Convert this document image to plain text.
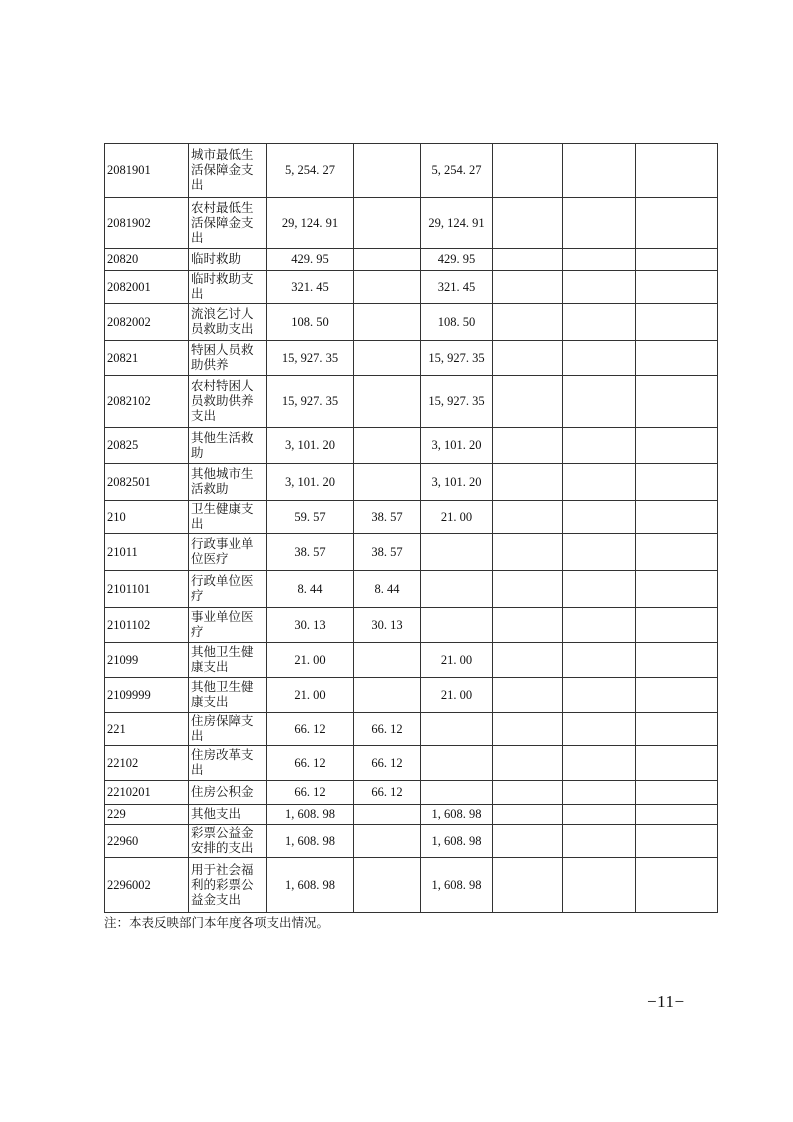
2081901	城市最低生活保障金支出	5, 254. 27		5, 254. 27			
2081902	农村最低生活保障金支出	29, 124. 91		29, 124. 91			
20820	临时救助	429. 95		429. 95			
2082001	临时救助支出	321. 45		321. 45			
2082002	流浪乞讨人员救助支出	108. 50		108. 50			
20821	特困人员救助供养	15, 927. 35		15, 927. 35			
2082102	农村特困人员救助供养支出	15, 927. 35		15, 927. 35			
20825	其他生活救助	3, 101. 20		3, 101. 20			
2082501	其他城市生活救助	3, 101. 20		3, 101. 20			
210	卫生健康支出	59. 57	38. 57	21. 00			
21011	行政事业单位医疗	38. 57	38. 57				
2101101	行政单位医疗	8. 44	8. 44				
2101102	事业单位医疗	30. 13	30. 13				
21099	其他卫生健康支出	21. 00		21. 00			
2109999	其他卫生健康支出	21. 00		21. 00			
221	住房保障支出	66. 12	66. 12				
22102	住房改革支出	66. 12	66. 12				
2210201	住房公积金	66. 12	66. 12				
229	其他支出	1, 608. 98		1, 608. 98			
22960	彩票公益金安排的支出	1, 608. 98		1, 608. 98			
2296002	用于社会福利的彩票公益金支出	1, 608. 98		1, 608. 98			
注：本表反映部门本年度各项支出情况。
−11−
